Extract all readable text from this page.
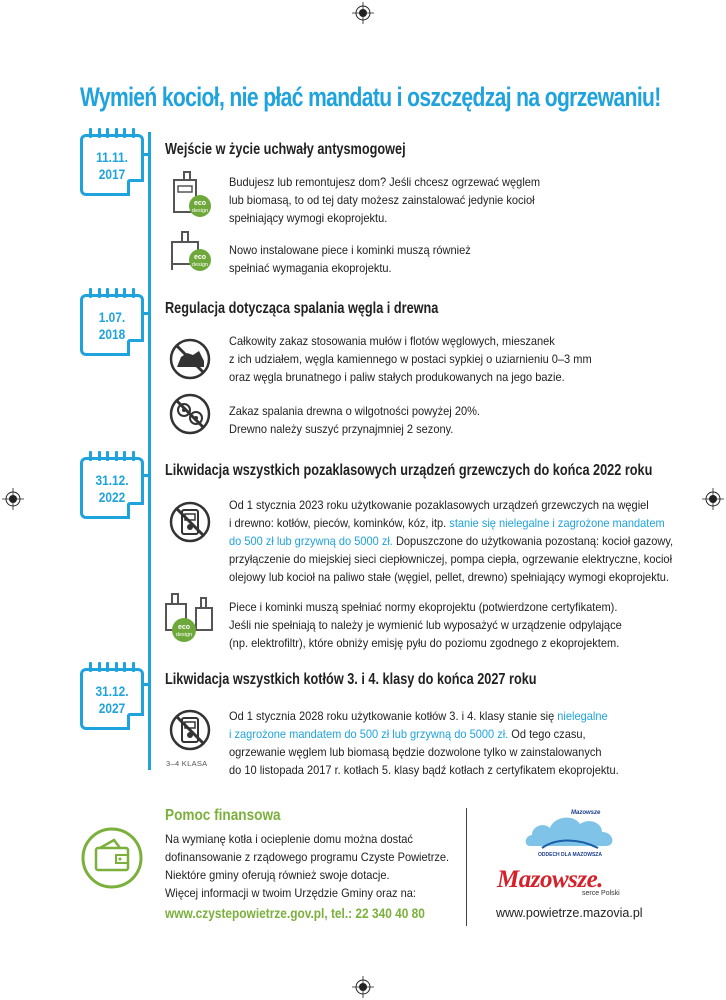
Wymień kocioł, nie płać mandatu i oszczędzaj na ogrzewaniu!
11.11.
2017
Wejście w życie uchwały antysmogowej
eco
design
Budujesz lub remontujesz dom? Jeśli chcesz ogrzewać węglem
lub biomasą, to od tej daty możesz zainstalować jedynie kocioł
spełniający wymogi ekoprojektu.
eco
design
Nowo instalowane piece i kominki muszą również
spełniać wymagania ekoprojektu.
1.07.
2018
Regulacja dotycząca spalania węgla i drewna
Całkowity zakaz stosowania mułów i flotów węglowych, mieszanek
z ich udziałem, węgla kamiennego w postaci sypkiej o uziarnieniu 0–3 mm
oraz węgla brunatnego i paliw stałych produkowanych na jego bazie.
Zakaz spalania drewna o wilgotności powyżej 20%.
Drewno należy suszyć przynajmniej 2 sezony.
31.12.
2022
Likwidacja wszystkich pozaklasowych urządzeń grzewczych do końca 2022 roku
Od 1 stycznia 2023 roku użytkowanie pozaklasowych urządzeń grzewczych na węgiel
i drewno: kotłów, pieców, kominków, kóz, itp. stanie się nielegalne i zagrożone mandatem
do 500 zł lub grzywną do 5000 zł. Dopuszczone do użytkowania pozostaną: kocioł gazowy,
przyłączenie do miejskiej sieci ciepłowniczej, pompa ciepła, ogrzewanie elektryczne, kocioł
olejowy lub kocioł na paliwo stałe (węgiel, pellet, drewno) spełniający wymogi ekoprojektu.
eco
design
Piece i kominki muszą spełniać normy ekoprojektu (potwierdzone certyfikatem).
Jeśli nie spełniają to należy je wymienić lub wyposażyć w urządzenie odpylające
(np. elektrofiltr), które obniży emisję pyłu do poziomu zgodnego z ekoprojektem.
31.12.
2027
Likwidacja wszystkich kotłów 3. i 4. klasy do końca 2027 roku
3–4 KLASA
Od 1 stycznia 2028 roku użytkowanie kotłów 3. i 4. klasy stanie się nielegalne
i zagrożone mandatem do 500 zł lub grzywną do 5000 zł. Od tego czasu,
ogrzewanie węglem lub biomasą będzie dozwolone tylko w zainstalowanych
do 10 listopada 2017 r. kotłach 5. klasy bądź kotłach z certyfikatem ekoprojektu.
Pomoc finansowa
Na wymianę kotła i ocieplenie domu można dostać
dofinansowanie z rządowego programu Czyste Powietrze.
Niektóre gminy oferują również swoje dotacje.
Więcej informacji w twoim Urzędzie Gminy oraz na:
www.czystepowietrze.gov.pl, tel.: 22 340 40 80
Mazowsze
ODDECH DLA MAZOWSZA
Mazowsze.
serce Polski
www.powietrze.mazovia.pl
